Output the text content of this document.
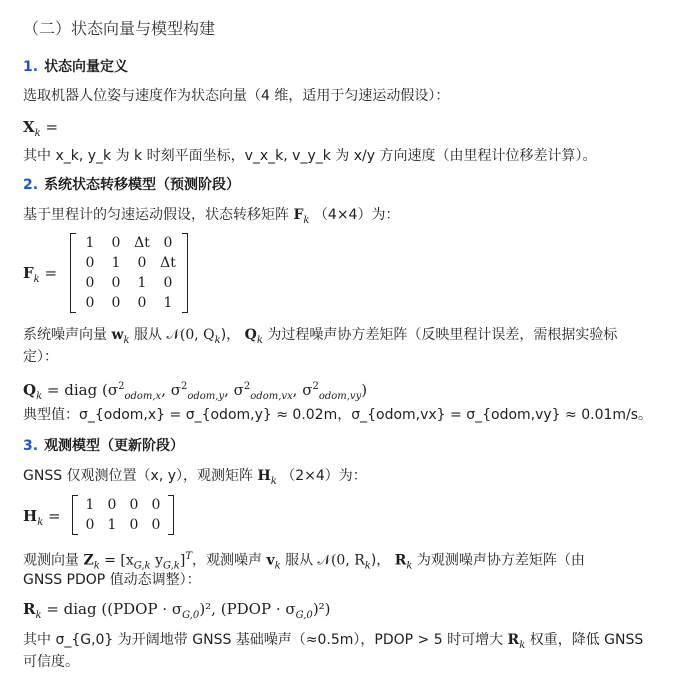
（二）状态向量与模型构建
1. 状态向量定义
选取机器人位姿与速度作为状态向量（4 维，适用于匀速运动假设）：
$X_k$ =
其中 x_k, y_k 为 k 时刻平面坐标，v_x_k, v_y_k 为 x/y 方向速度（由里程计位移差计算）。
2. 系统状态转移模型（预测阶段）
基于里程计的匀速运动假设，状态转移矩阵 $F_k$ （4×4）为：
$F_k$ =
1	0 Δt 0
0	1	0 Δt
0	0	1	0
0	0	0	1
系统噪声向量 $w_k$ 服从 𝒩(0, $Q_k$)， $Q_k$ 为过程噪声协方差矩阵（反映里程计误差，需根据实验标
定）：
$Q_k$ = diag ($\sigma^2_{odom,x}$, $\sigma^2_{odom,y}$, $\sigma^2_{odom,vx}$, $\sigma^2_{odom,vy}$)
典型值：σ_{odom,x} = σ_{odom,y} ≈ 0.02m，σ_{odom,vx} = σ_{odom,vy} ≈ 0.01m/s。
3. 观测模型（更新阶段）
GNSS 仅观测位置（x, y），观测矩阵 $H_k$ （2×4）为：
$H_k$ =
1 0 0 0
0 1 0 0
观测向量 $Z_k = [x_{G,k}$ $y_{G,k}]^T$，观测噪声 $v_k$ 服从 𝒩(0, $R_k$)， $R_k$ 为观测噪声协方差矩阵（由
GNSS PDOP 值动态调整）：
$R_k$ = diag ((PDOP · $\sigma_{G,0})^2$, (PDOP · $\sigma_{G,0})^2$)
其中 σ_{G,0} 为开阔地带 GNSS 基础噪声（≈0.5m），PDOP > 5 时可增大 $R_k$ 权重，降低 GNSS
可信度。
